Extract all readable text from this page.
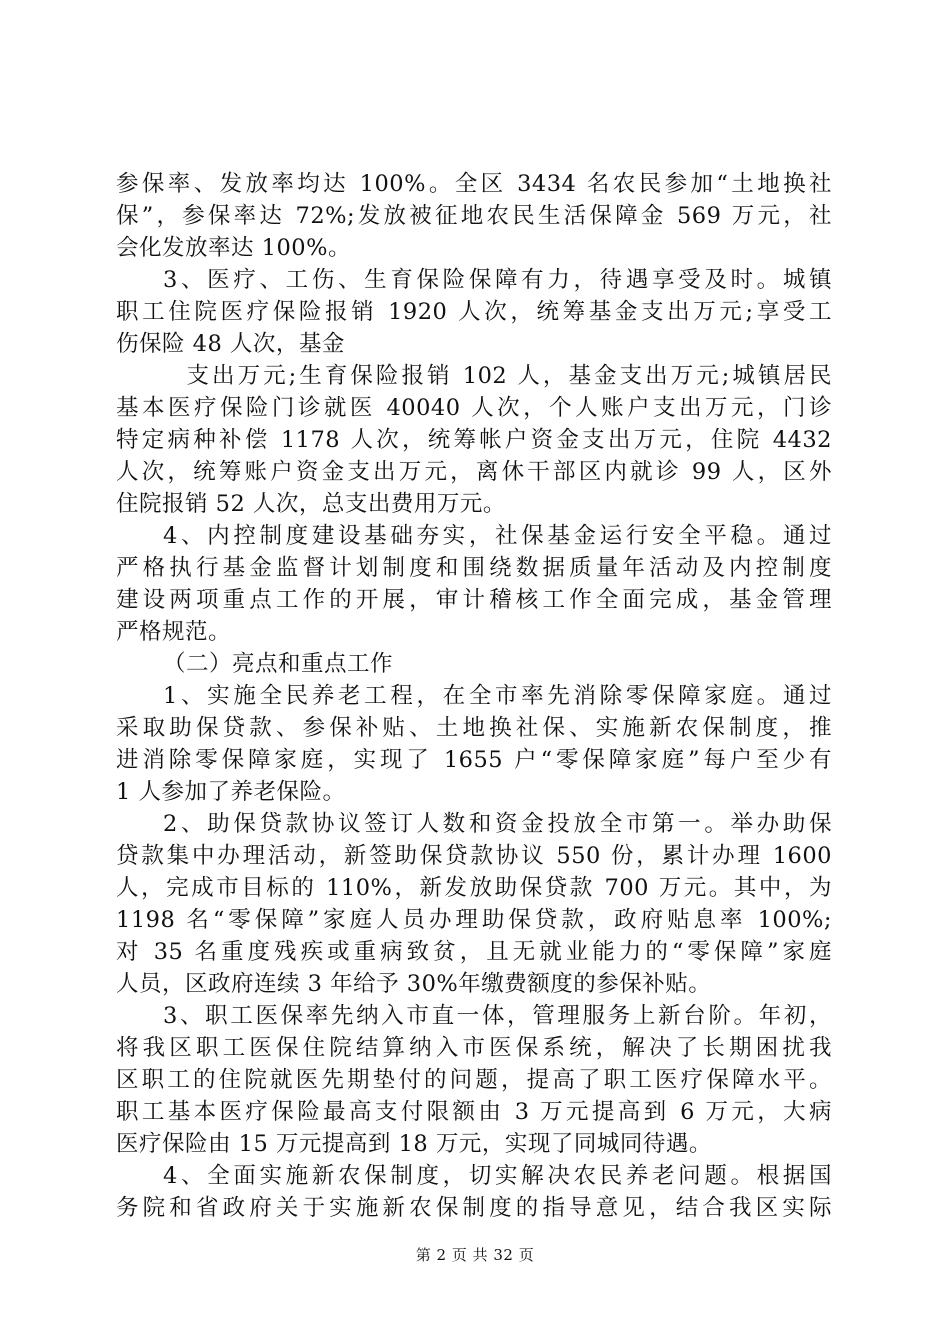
参保率、发放率均达 100%。全区 3434 名农民参加“土地换社
保”，参保率达 72%;发放被征地农民生活保障金 569 万元，社
会化发放率达 100%。
3、医疗、工伤、生育保险保障有力，待遇享受及时。城镇
职工住院医疗保险报销 1920 人次，统筹基金支出万元;享受工
伤保险 48 人次，基金
支出万元;生育保险报销 102 人，基金支出万元;城镇居民
基本医疗保险门诊就医 40040 人次，个人账户支出万元，门诊
特定病种补偿 1178 人次，统筹帐户资金支出万元，住院 4432
人次，统筹账户资金支出万元，离休干部区内就诊 99 人，区外
住院报销 52 人次，总支出费用万元。
4、内控制度建设基础夯实，社保基金运行安全平稳。通过
严格执行基金监督计划制度和围绕数据质量年活动及内控制度
建设两项重点工作的开展，审计稽核工作全面完成，基金管理
严格规范。
（二）亮点和重点工作
1、实施全民养老工程，在全市率先消除零保障家庭。通过
采取助保贷款、参保补贴、土地换社保、实施新农保制度，推
进消除零保障家庭，实现了 1655 户“零保障家庭”每户至少有
1 人参加了养老保险。
2、助保贷款协议签订人数和资金投放全市第一。举办助保
贷款集中办理活动，新签助保贷款协议 550 份，累计办理 1600
人，完成市目标的 110%，新发放助保贷款 700 万元。其中，为
1198 名“零保障”家庭人员办理助保贷款，政府贴息率 100%;
对 35 名重度残疾或重病致贫，且无就业能力的“零保障”家庭
人员，区政府连续 3 年给予 30%年缴费额度的参保补贴。
3、职工医保率先纳入市直一体，管理服务上新台阶。年初，
将我区职工医保住院结算纳入市医保系统，解决了长期困扰我
区职工的住院就医先期垫付的问题，提高了职工医疗保障水平。
职工基本医疗保险最高支付限额由 3 万元提高到 6 万元，大病
医疗保险由 15 万元提高到 18 万元，实现了同城同待遇。
4、全面实施新农保制度，切实解决农民养老问题。根据国
务院和省政府关于实施新农保制度的指导意见，结合我区实际
第 2 页 共 32 页
